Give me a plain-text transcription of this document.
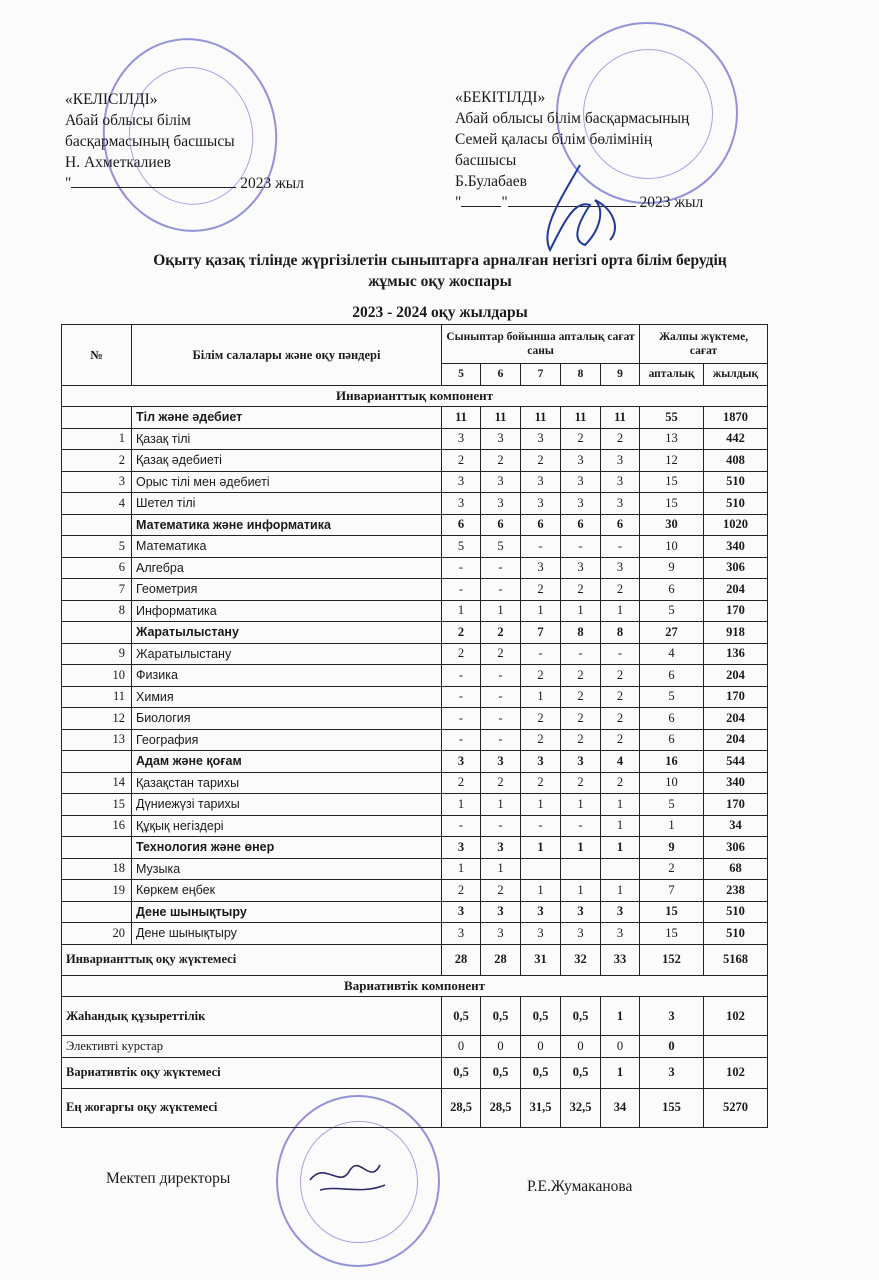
«КЕЛІСІЛДІ»
Абай облысы білім
басқармасының басшысы
Н. Ахметкалиев
"	2023 жыл
«БЕКІТІЛДІ»
Абай облысы білім басқармасының
Семей қаласы білім бөлімінің
басшысы
Б.Булабаев
"	"	2023 жыл
Оқыту қазақ тілінде жүргізілетін сыныптарға арналған негізгі орта білім берудің
жұмыс оқу жоспары
2023 - 2024 оқу жылдары
№	Білім салалары және оқу пәндері	Сыныптар бойынша апталық сағат саны					Жалпы жүктеме, сағат	
		5	6	7	8	9	апталық	жылдық
Инварианттық компонент								
	Тіл және әдебиет	11	11	11	11	11	55	1870
1	Қазақ тілі	3	3	3	2	2	13	442
2	Қазақ әдебиеті	2	2	2	3	3	12	408
3	Орыс тілі мен әдебиеті	3	3	3	3	3	15	510
4	Шетел тілі	3	3	3	3	3	15	510
	Математика және информатика	6	6	6	6	6	30	1020
5	Математика	5	5	-	-	-	10	340
6	Алгебра	-	-	3	3	3	9	306
7	Геометрия	-	-	2	2	2	6	204
8	Информатика	1	1	1	1	1	5	170
	Жаратылыстану	2	2	7	8	8	27	918
9	Жаратылыстану	2	2	-	-	-	4	136
10	Физика	-	-	2	2	2	6	204
11	Химия	-	-	1	2	2	5	170
12	Биология	-	-	2	2	2	6	204
13	География	-	-	2	2	2	6	204
	Адам және қоғам	3	3	3	3	4	16	544
14	Қазақстан тарихы	2	2	2	2	2	10	340
15	Дүниежүзі тарихы	1	1	1	1	1	5	170
16	Құқық негіздері	-	-	-	-	1	1	34
	Технология және өнер	3	3	1	1	1	9	306
18	Музыка	1	1				2	68
19	Көркем еңбек	2	2	1	1	1	7	238
	Дене шынықтыру	3	3	3	3	3	15	510
20	Дене шынықтыру	3	3	3	3	3	15	510
Инварианттық оқу жүктемесі		28	28	31	32	33	152	5168
Вариативтік компонент								
Жаһандық құзыреттілік		0,5	0,5	0,5	0,5	1	3	102
Элективті курстар		0	0	0	0	0	0	
Вариативтік оқу жүктемесі		0,5	0,5	0,5	0,5	1	3	102
Ең жоғарғы оқу жүктемесі		28,5	28,5	31,5	32,5	34	155	5270
Мектеп директоры	Р.Е.Жумаканова
